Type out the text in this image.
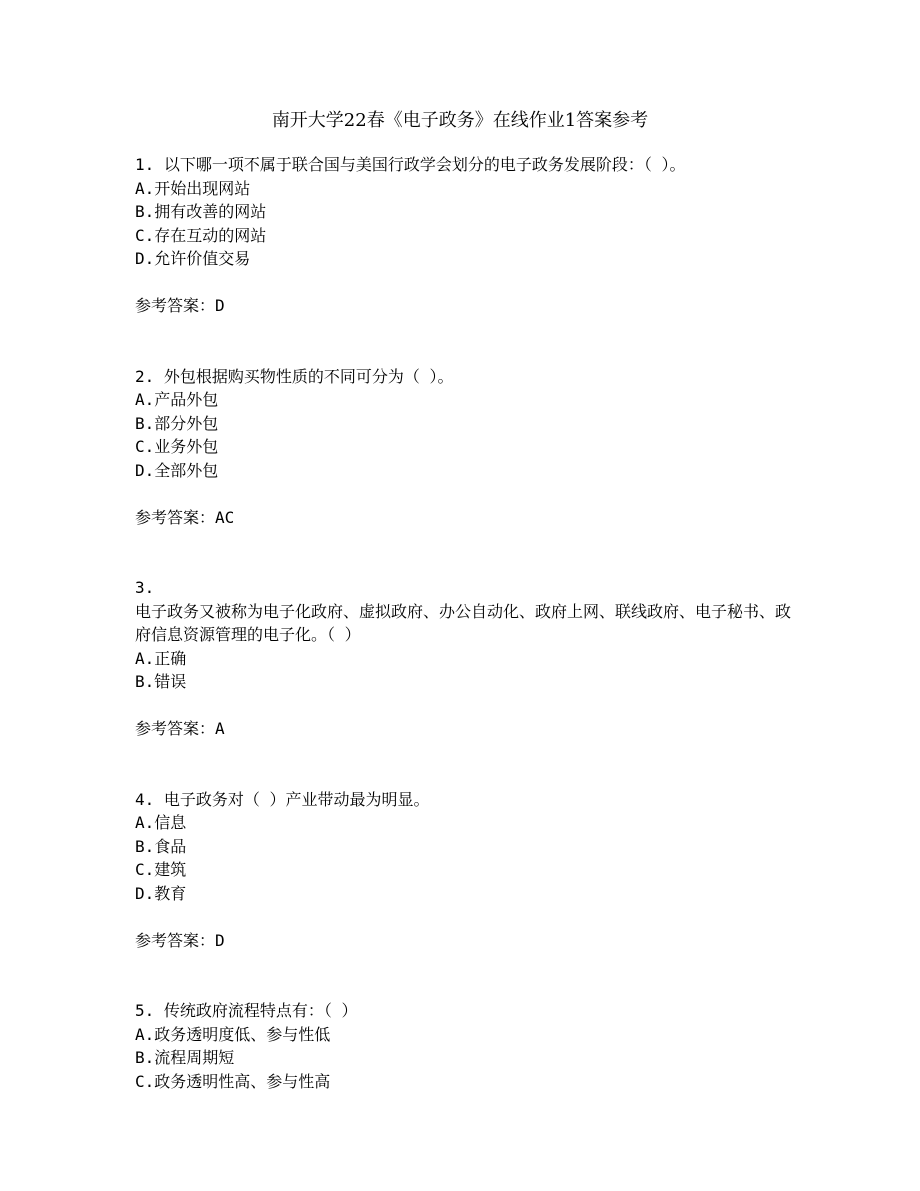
南开大学22春《电子政务》在线作业1答案参考
1. 以下哪一项不属于联合国与美国行政学会划分的电子政务发展阶段：（ ）。
A.开始出现网站
B.拥有改善的网站
C.存在互动的网站
D.允许价值交易
参考答案：D
2. 外包根据购买物性质的不同可分为（ ）。
A.产品外包
B.部分外包
C.业务外包
D.全部外包
参考答案：AC
3.
电子政务又被称为电子化政府、虚拟政府、办公自动化、政府上网、联线政府、电子秘书、政府信息资源管理的电子化。（ ）
A.正确
B.错误
参考答案：A
4. 电子政务对（ ）产业带动最为明显。
A.信息
B.食品
C.建筑
D.教育
参考答案：D
5. 传统政府流程特点有：（ ）
A.政务透明度低、参与性低
B.流程周期短
C.政务透明性高、参与性高
